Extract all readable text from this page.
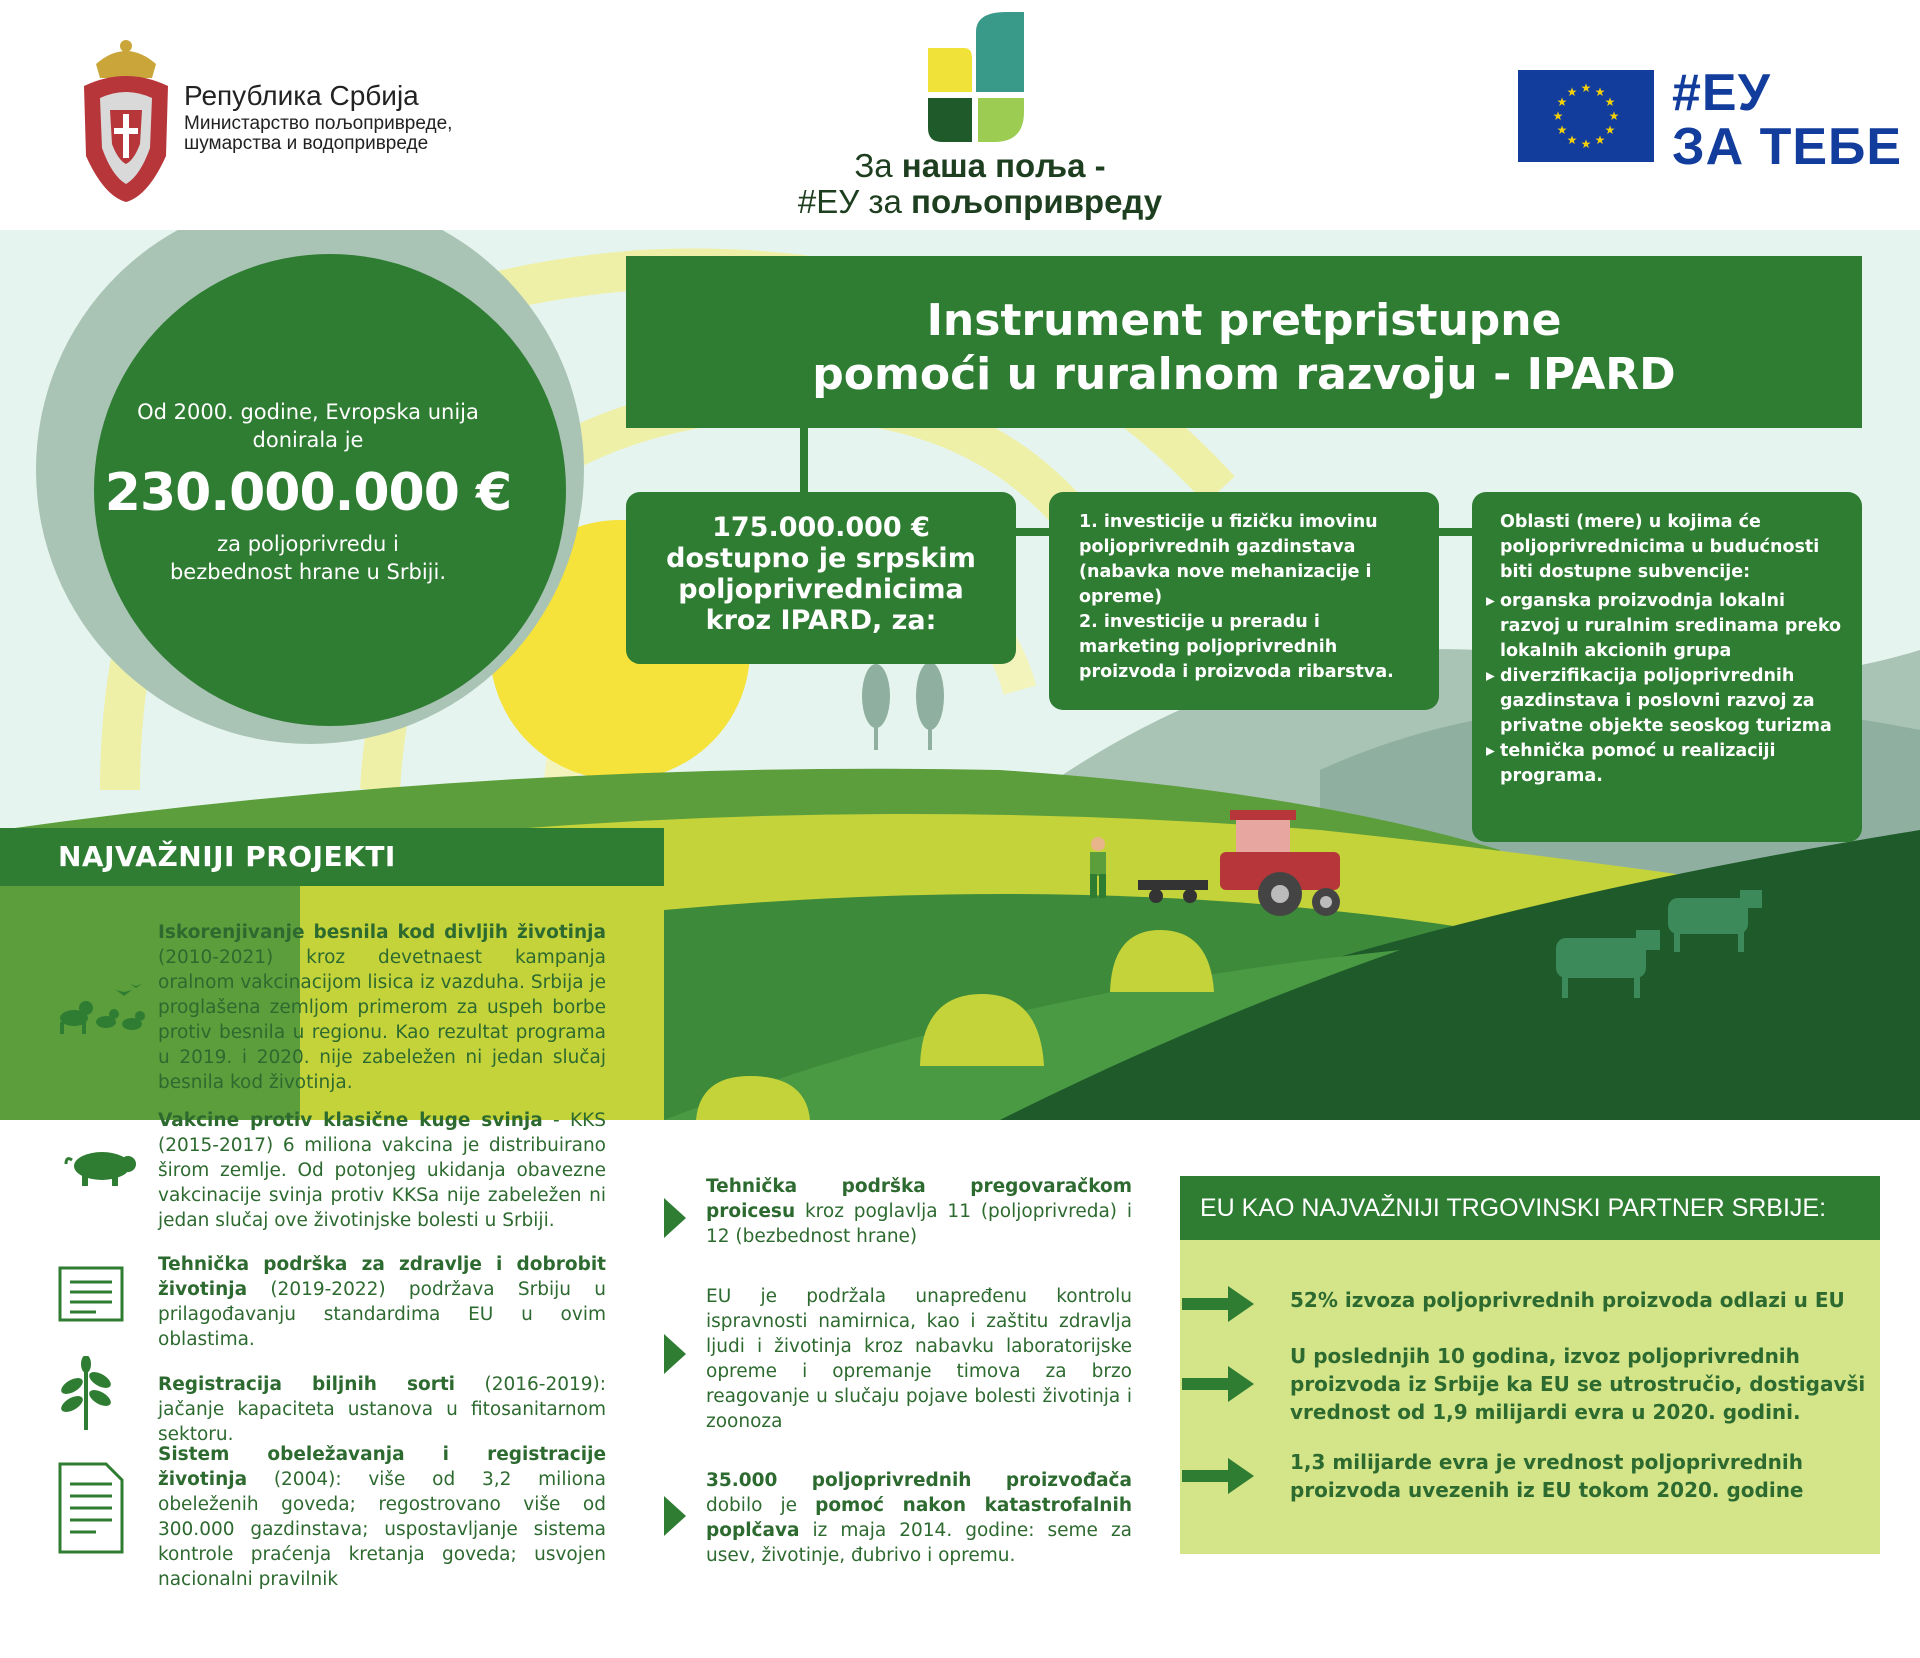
Република Србија
Министарство пољопривреде, шумарства и водопривреде
За наша поља -
#ЕУ за пољопривреду
★ ★
★
★
★
★
★
★
★
★
★
★ #ЕУ
ЗА ТЕБЕ
Od 2000. godine, Evropska unija donirala je
230.000.000 €
za poljoprivredu i bezbednost hrane u Srbiji.
Instrument pretpristupne
pomoći u ruralnom razvoju - IPARD
175.000.000 €
dostupno je srpskim poljoprivrednicima kroz IPARD, za:
1. investicije u fizičku imovinu poljoprivrednih gazdinstava (nabavka nove mehanizacije i opreme)
2. investicije u preradu i marketing poljoprivrednih proizvoda i proizvoda ribarstva.
Oblasti (mere) u kojima će poljoprivrednicima u budućnosti biti dostupne subvencije:
▸ organska proizvodnja lokalni razvoj u ruralnim sredinama preko lokalnih akcionih grupa
▸ diverzifikacija poljoprivrednih gazdinstava i poslovni razvoj za privatne objekte seoskog turizma
▸ tehnička pomoć u realizaciji programa.
NAJVAŽNIJI PROJEKTI
Iskorenjivanje besnila kod divljih životinja (2010-2021) kroz devetnaest kampanja oralnom vakcinacijom lisica iz vazduha. Srbija je proglašena zemljom primerom za uspeh borbe protiv besnila u regionu. Kao rezultat programa u 2019. i 2020. nije zabeležen ni jedan slučaj besnila kod životinja.
Vakcine protiv klasične kuge svinja - KKS (2015-2017) 6 miliona vakcina je distribuirano širom zemlje. Od potonjeg ukidanja obavezne vakcinacije svinja protiv KKSa nije zabeležen ni jedan slučaj ove životinjske bolesti u Srbiji.
Tehnička podrška za zdravlje i dobrobit životinja (2019-2022) podržava Srbiju u prilagođavanju standardima EU u ovim oblastima.
Registracija biljnih sorti (2016-2019): jačanje kapaciteta ustanova u fitosanitarnom sektoru.
Sistem obeležavanja i registracije životinja (2004): više od 3,2 miliona obeleženih goveda; regostrovano više od 300.000 gazdinstava; uspostavljanje sistema kontrole praćenja kretanja goveda; usvojen nacionalni pravilnik
Tehnička podrška pregovaračkom proicesu kroz poglavlja 11 (poljoprivreda) i 12 (bezbednost hrane)
EU je podržala unapređenu kontrolu ispravnosti namirnica, kao i zaštitu zdravlja ljudi i životinja kroz nabavku laboratorijske opreme i opremanje timova za brzo reagovanje u slučaju pojave bolesti životinja i zoonoza
35.000 poljoprivrednih proizvođača dobilo je pomoć nakon katastrofalnih poplčava iz maja 2014. godine: seme za usev, životinje, đubrivo i opremu.
EU KAO NAJVAŽNIJI TRGOVINSKI PARTNER SRBIJE:
52% izvoza poljoprivrednih proizvoda odlazi u EU
U poslednjih 10 godina, izvoz poljoprivrednih proizvoda iz Srbije ka EU se utrostručio, dostigavši vrednost od 1,9 milijardi evra u 2020. godini.
1,3 milijarde evra je vrednost poljoprivrednih proizvoda uvezenih iz EU tokom 2020. godine
